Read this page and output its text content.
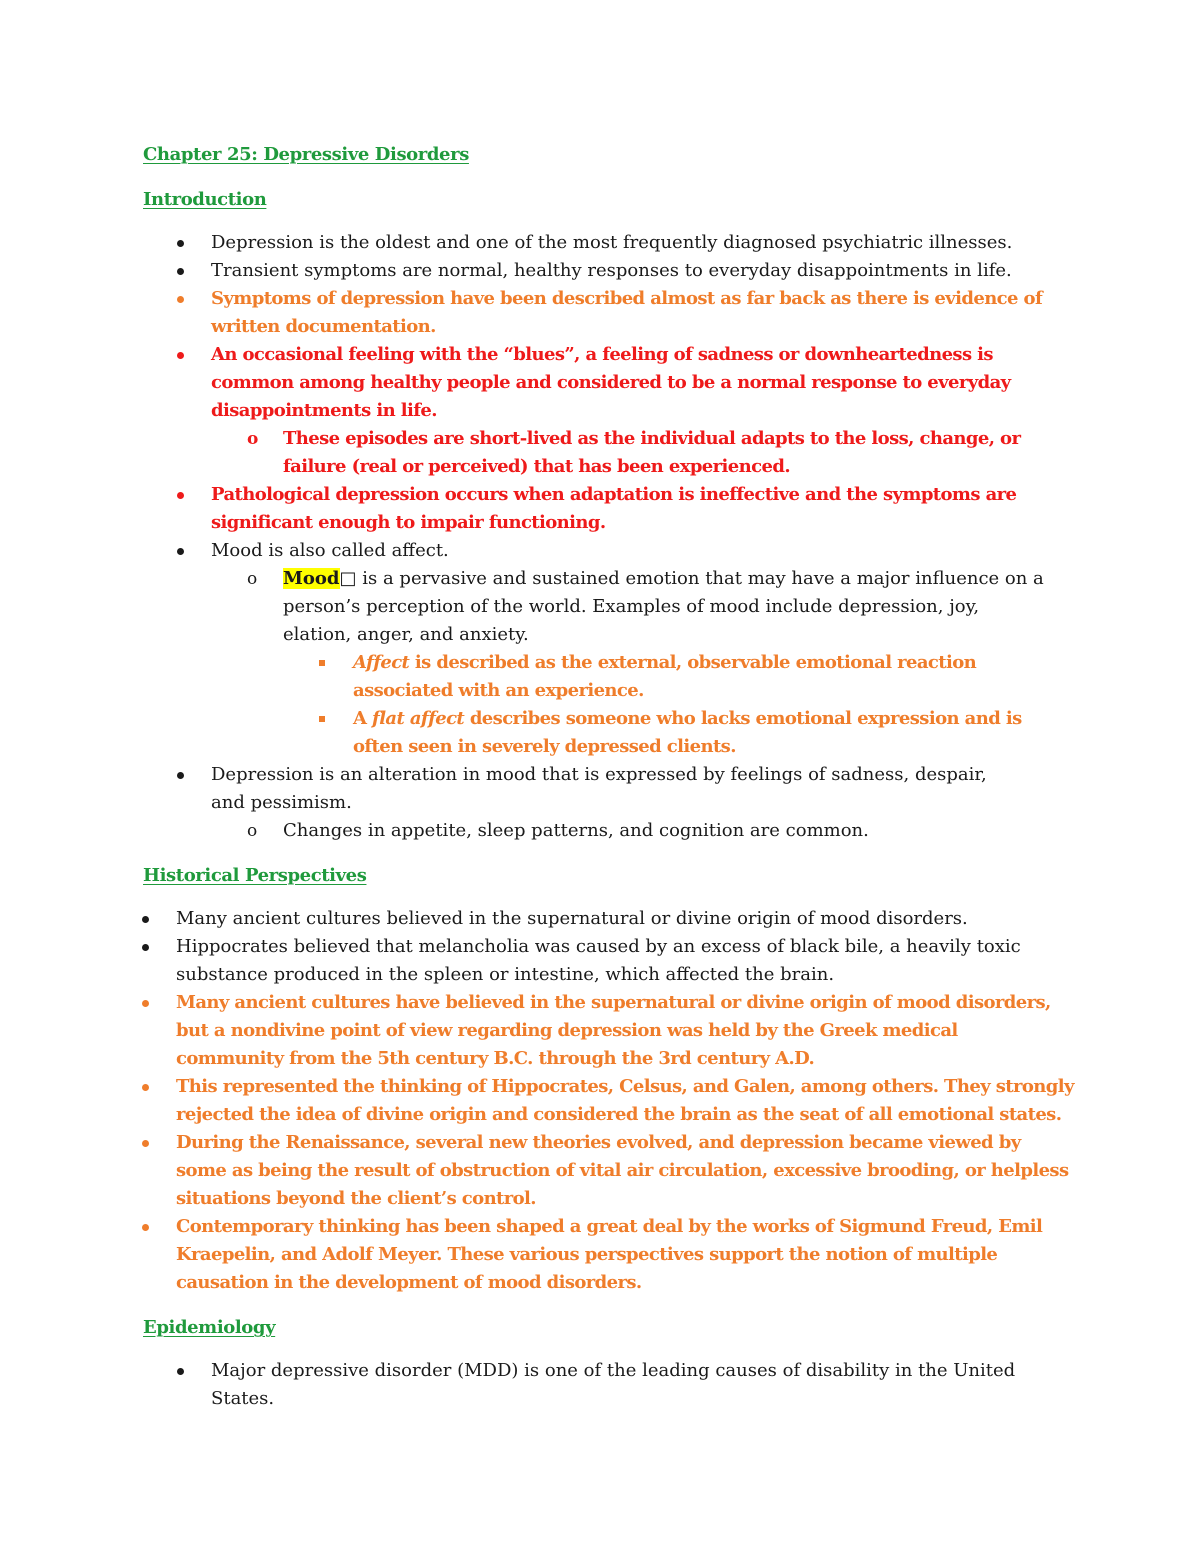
Chapter 25: Depressive Disorders
Introduction
Depression is the oldest and one of the most frequently diagnosed psychiatric illnesses.
Transient symptoms are normal, healthy responses to everyday disappointments in life.
Symptoms of depression have been described almost as far back as there is evidence of
written documentation.
An occasional feeling with the “blues”, a feeling of sadness or downheartedness is
common among healthy people and considered to be a normal response to everyday
disappointments in life.
o These episodes are short-lived as the individual adapts to the loss, change, or
failure (real or perceived) that has been experienced.
Pathological depression occurs when adaptation is ineffective and the symptoms are
significant enough to impair functioning.
Mood is also called affect.
o Mood□ is a pervasive and sustained emotion that may have a major influence on a
person’s perception of the world. Examples of mood include depression, joy,
elation, anger, and anxiety.
Affect is described as the external, observable emotional reaction
associated with an experience.
A flat affect describes someone who lacks emotional expression and is
often seen in severely depressed clients.
Depression is an alteration in mood that is expressed by feelings of sadness, despair,
and pessimism.
o Changes in appetite, sleep patterns, and cognition are common.
Historical Perspectives
Many ancient cultures believed in the supernatural or divine origin of mood disorders.
Hippocrates believed that melancholia was caused by an excess of black bile, a heavily toxic
substance produced in the spleen or intestine, which affected the brain.
Many ancient cultures have believed in the supernatural or divine origin of mood disorders,
but a nondivine point of view regarding depression was held by the Greek medical
community from the 5th century B.C. through the 3rd century A.D.
This represented the thinking of Hippocrates, Celsus, and Galen, among others. They strongly
rejected the idea of divine origin and considered the brain as the seat of all emotional states.
During the Renaissance, several new theories evolved, and depression became viewed by
some as being the result of obstruction of vital air circulation, excessive brooding, or helpless
situations beyond the client’s control.
Contemporary thinking has been shaped a great deal by the works of Sigmund Freud, Emil
Kraepelin, and Adolf Meyer. These various perspectives support the notion of multiple
causation in the development of mood disorders.
Epidemiology
Major depressive disorder (MDD) is one of the leading causes of disability in the United
States.
